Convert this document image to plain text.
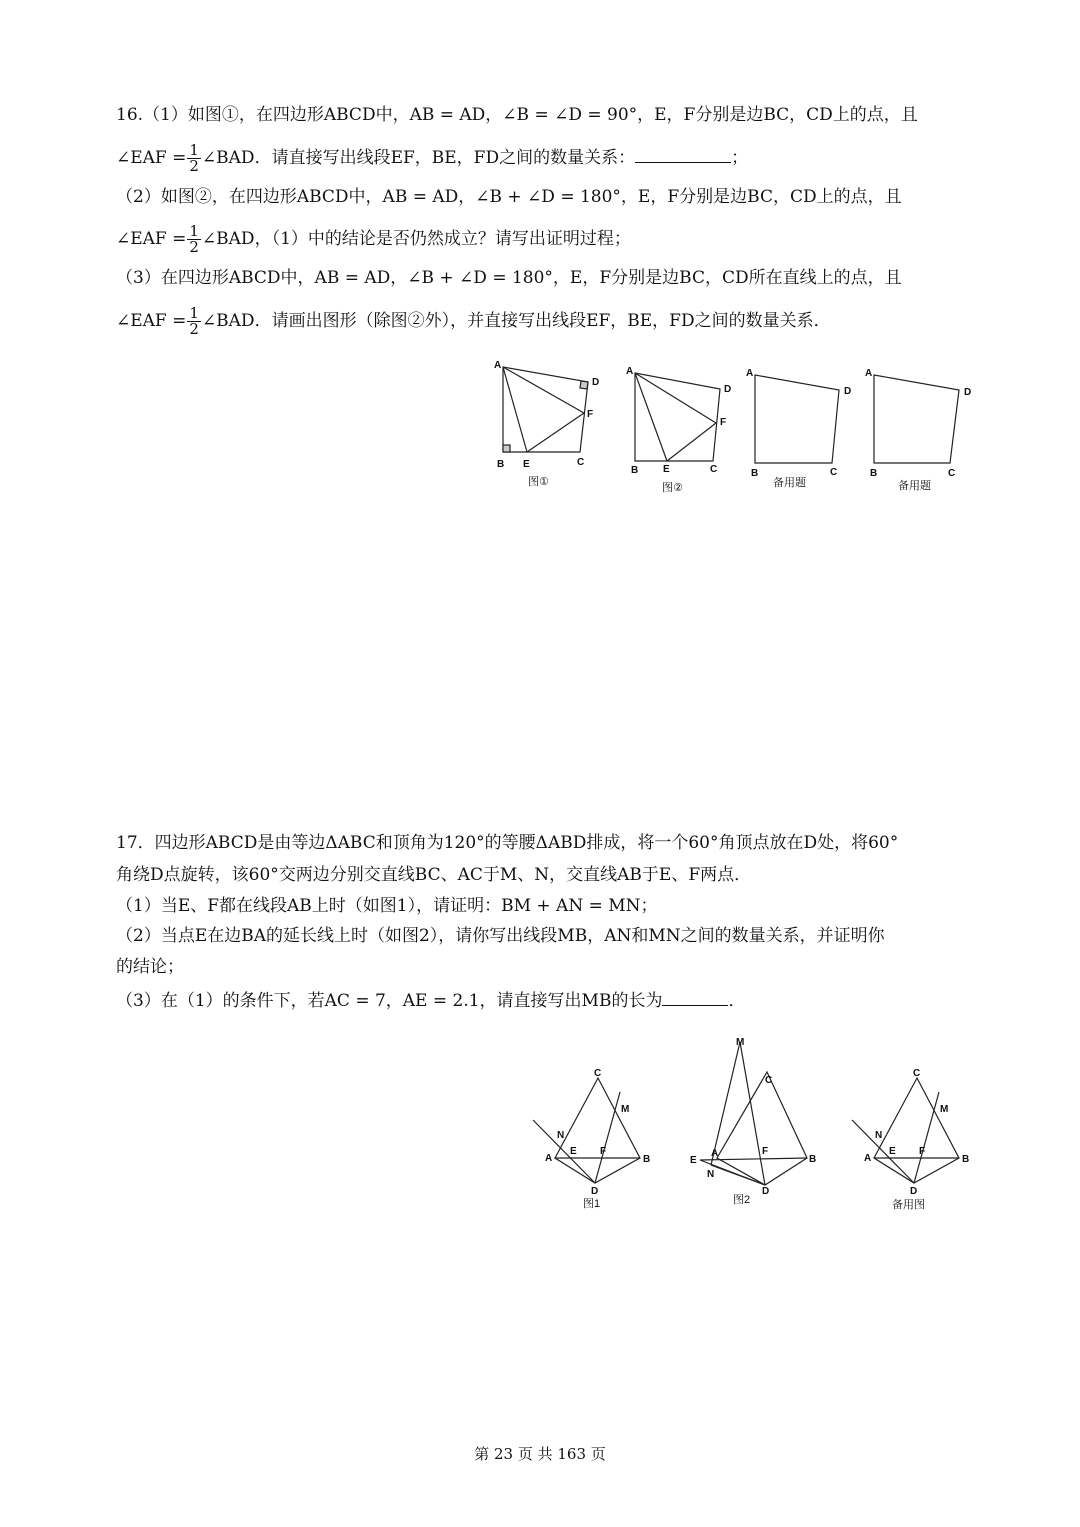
16.（1）如图①，在四边形ABCD中，AB = AD，∠B = ∠D = 90°，E，F分别是边BC，CD上的点，且
∠EAF = $\frac{1}{2}$ ∠BAD．请直接写出线段EF，BE，FD之间的数量关系：	；
（2）如图②，在四边形ABCD中，AB = AD，∠B + ∠D = 180°，E，F分别是边BC，CD上的点，且
∠EAF = $\frac{1}{2}$ ∠BAD，（1）中的结论是否仍然成立？请写出证明过程；
（3）在四边形ABCD中，AB = AD，∠B + ∠D = 180°，E，F分别是边BC，CD所在直线上的点，且
∠EAF = $\frac{1}{2}$ ∠BAD．请画出图形（除图②外），并直接写出线段EF，BE，FD之间的数量关系．
A
D
F
B E	C
图①
A
D
F
B E	C
图②
A
D
B	C
备用题
A
D
B	C
备用题
17．四边形ABCD是由等边ΔABC和顶角为120°的等腰ΔABD排成，将一个60°角顶点放在D处，将60°
角绕D点旋转，该60°交两边分别交直线BC、AC于M、N，交直线AB于E、F两点．
（1）当E、F都在线段AB上时（如图1），请证明：BM + AN = MN；
（2）当点E在边BA的延长线上时（如图2），请你写出线段MB，AN和MN之间的数量关系，并证明你
的结论；
（3）在（1）的条件下，若AC = 7，AE = 2.1，请直接写出MB的长为	．
C
M
N
E F
A	B
D
图1
M
C
A	F
E
N
B
D
图2
C
M
N
E F
A	B
D
备用图
第 23 页 共 163 页
